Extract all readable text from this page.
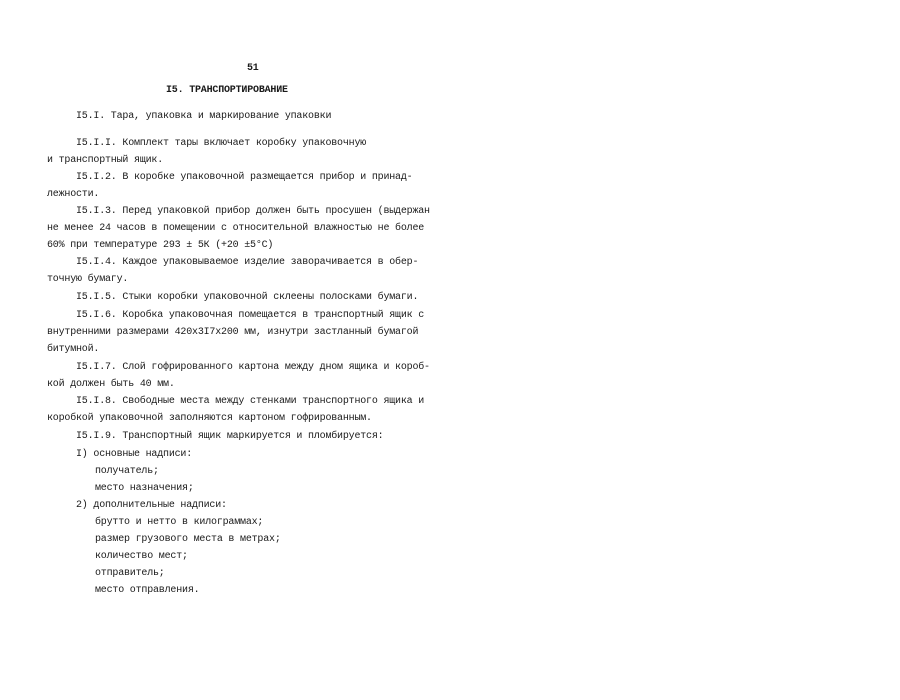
51
I5. ТРАНСПОРТИРОВАНИЕ
I5.I. Тара, упаковка и маркирование упаковки
I5.I.I. Комплект тары включает коробку упаковочную
и транспортный ящик.
I5.I.2. В коробке упаковочной размещается прибор и принад-
лежности.
I5.I.3. Перед упаковкой прибор должен быть просушен (выдержан
не менее 24 часов в помещении с относительной влажностью не более
60% при температуре 293 ± 5К (+20 ±5°С)
I5.I.4. Каждое упаковываемое изделие заворачивается в обер-
точную бумагу.
I5.I.5. Стыки коробки упаковочной склеены полосками бумаги.
I5.I.6. Коробка упаковочная помещается в транспортный ящик с
внутренними размерами 420х3I7х200 мм, изнутри застланный бумагой
битумной.
I5.I.7. Слой гофрированного картона между дном ящика и короб-
кой должен быть 40 мм.
I5.I.8. Свободные места между стенками транспортного ящика и
коробкой упаковочной заполняются картоном гофрированным.
I5.I.9. Транспортный ящик маркируется и пломбируется:
I) основные надписи:
получатель;
место назначения;
2) дополнительные надписи:
брутто и нетто в килограммах;
размер грузового места в метрах;
количество мест;
отправитель;
место отправления.
